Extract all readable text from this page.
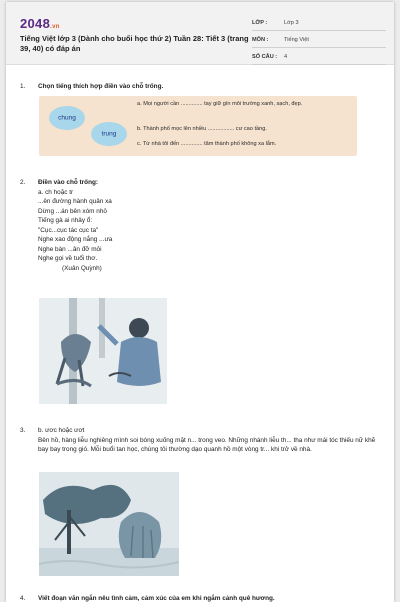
2048.vn
Tiếng Việt lớp 3 (Dành cho buổi học thứ 2) Tuần 28: Tiết 3 (trang 39, 40) có đáp án
LỚP :	Lớp 3
MÔN :	Tiếng Việt
SỐ CÂU : 4
1.	Chọn tiếng thích hợp điền vào chỗ trống.
chung
trung
a. Mọi người cần .............. tay giữ gìn môi trường xanh, sạch, đẹp.
b. Thành phố mọc lên nhiều ................. cư cao tầng.
c. Từ nhà tôi đến .............. tâm thành phố không xa lắm.
2.	Điền vào chỗ trống:
a. ch hoặc tr
...ên đường hành quân xa
Dừng ...án bên xóm nhỏ
Tiếng gà ai nhảy ổ:
"Cục...cục tác cục ta"
Nghe xao động nắng ...ưa
Nghe bàn ...ân đỡ mỏi
Nghe gọi về tuổi thơ.
(Xuân Quỳnh)
3.	b. ươc hoặc ươt
Bên hồ, hàng liễu nghiêng mình soi bóng xuống mặt n... trong veo. Những nhánh liễu th... tha như mái tóc thiếu nữ khẽ bay bay trong gió. Mỗi buổi tan học, chúng tôi thường dạo quanh hồ một vòng tr... khi trở về nhà.
4.	Viết đoạn văn ngắn nêu tình cảm, cảm xúc của em khi ngắm cảnh quê hương.
